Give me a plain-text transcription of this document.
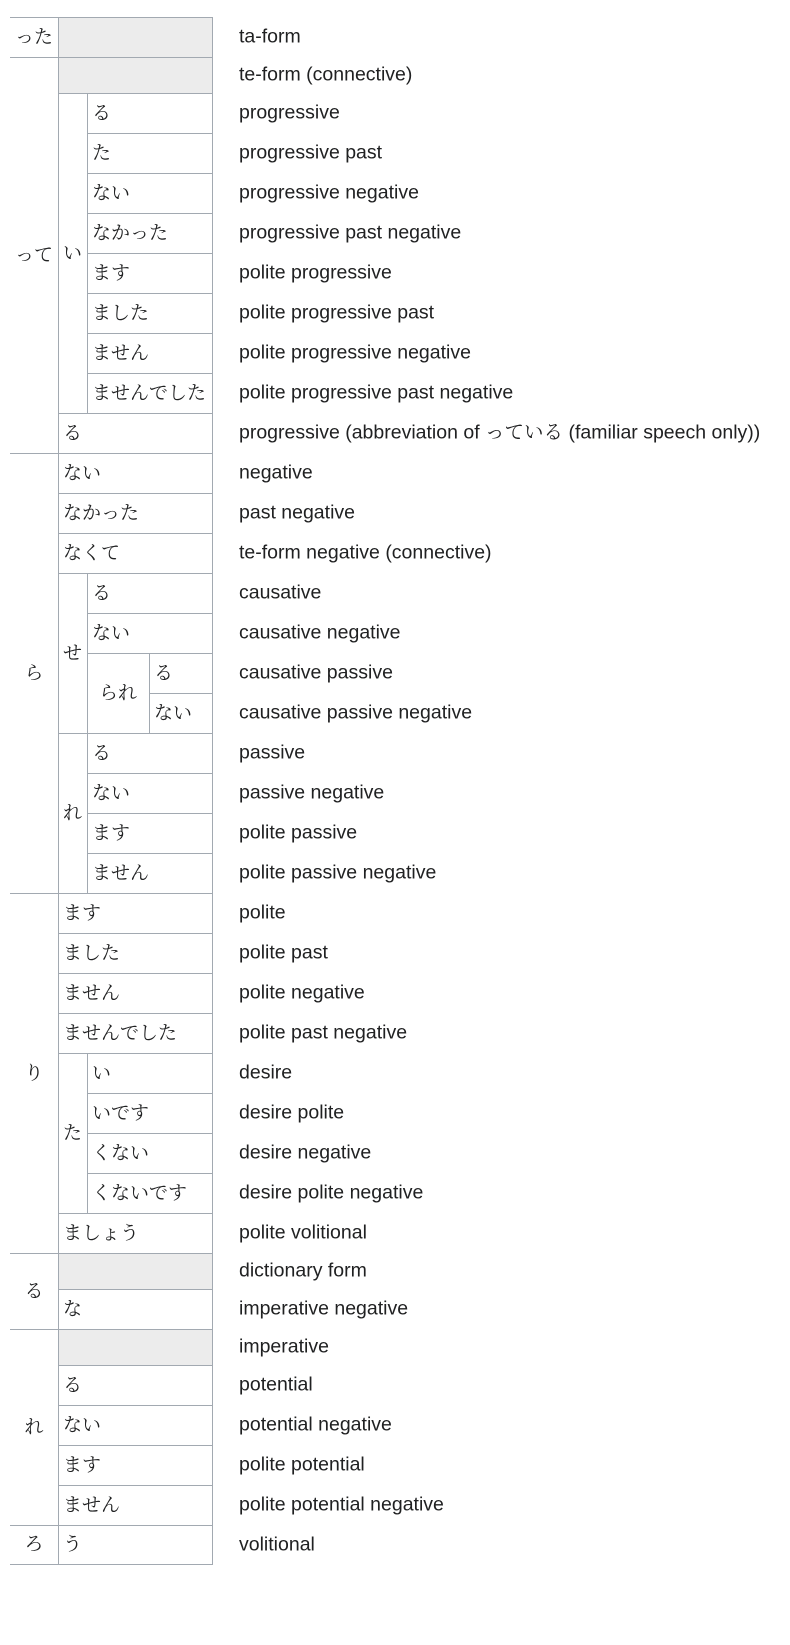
った
って
ら
り
る
れ
ろ
い
る
ない
なかった
なくて
せ
れ
ます
ました
ません
ませんでした
た
ましょう
な
る
ない
ます
ません
う
る
た
ない
なかった
ます
ました
ません
ませんでした
る
ない
られ
る
ない
ます
ません
い
いです
くない
くないです
る
ない
ta-form
te-form (connective)
progressive
progressive past
progressive negative
progressive past negative
polite progressive
polite progressive past
polite progressive negative
polite progressive past negative
progressive (abbreviation of っている (familiar speech only))
negative
past negative
te-form negative (connective)
causative
causative negative
causative passive
causative passive negative
passive
passive negative
polite passive
polite passive negative
polite
polite past
polite negative
polite past negative
desire
desire polite
desire negative
desire polite negative
polite volitional
dictionary form
imperative negative
imperative
potential
potential negative
polite potential
polite potential negative
volitional
